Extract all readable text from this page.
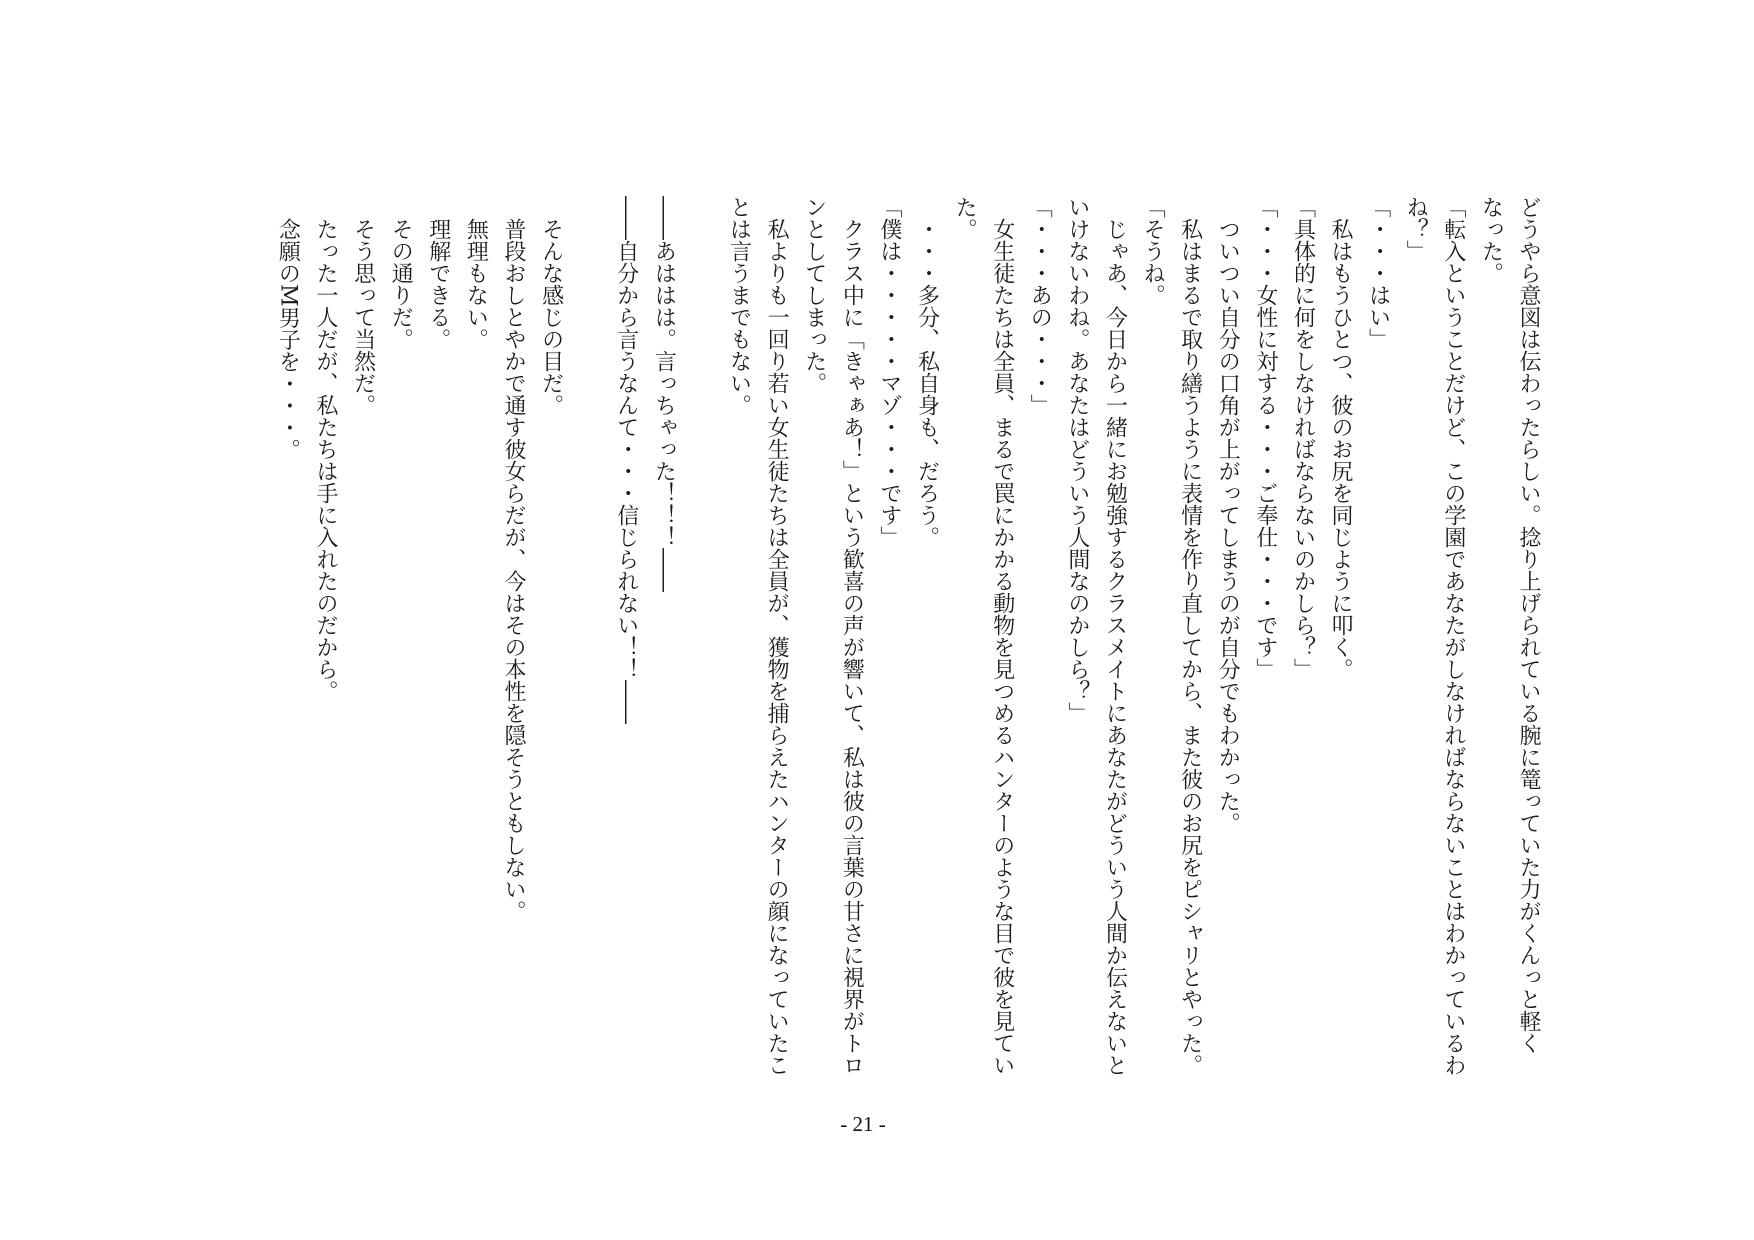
どうやら意図は伝わったらしい。捻り上げられている腕に篭っていた力がくんっと軽く
なった。
「転入ということだけど、この学園であなたがしなければならないことはわかっているわ
ね？」
「・・・はい」
　私はもうひとつ、彼のお尻を同じように叩く。
「具体的に何をしなければならないのかしら？」
「・・・女性に対する・・・ご奉仕・・・です」
　ついつい自分の口角が上がってしまうのが自分でもわかった。
　私はまるで取り繕うように表情を作り直してから、また彼のお尻をピシャリとやった。
「そうね。
　じゃあ、今日から一緒にお勉強するクラスメイトにあなたがどういう人間か伝えないと
いけないわね。あなたはどういう人間なのかしら？」
「・・・あの・・・」
　女生徒たちは全員、まるで罠にかかる動物を見つめるハンターのような目で彼を見てい
た。
　・・・多分、私自身も、だろう。
「僕は・・・・・マゾ・・・です」
　クラス中に「きゃぁあ！」という歓喜の声が響いて、私は彼の言葉の甘さに視界がトロ
ンとしてしまった。
　私よりも一回り若い女生徒たちは全員が、獲物を捕らえたハンターの顔になっていたこ
とは言うまでもない。
――あははは。言っちゃった！！！――
――自分から言うなんて・・・信じられない！！――
　そんな感じの目だ。
　普段おしとやかで通す彼女らだが、今はその本性を隠そうともしない。
　無理もない。
　理解できる。
　その通りだ。
　そう思って当然だ。
　たった一人だが、私たちは手に入れたのだから。
　念願のM男子を・・・。
- 21 -
